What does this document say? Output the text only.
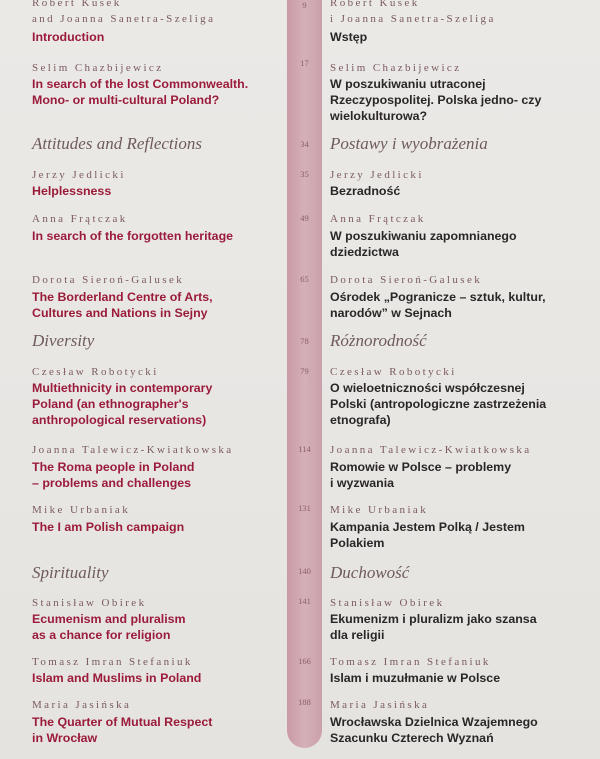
9
17
34
35
49
65
78
79
114
131
140
141
166
188
Robert Kusek
and Joanna Sanetra-Szeliga
Introduction
Selim Chazbijewicz
In search of the lost Commonwealth.
Mono- or multi-cultural Poland?
Attitudes and Reflections
Jerzy Jedlicki
Helplessness
Anna Frątczak
In search of the forgotten heritage
Dorota Sieroń-Galusek
The Borderland Centre of Arts,
Cultures and Nations in Sejny
Diversity
Czesław Robotycki
Multiethnicity in contemporary
Poland (an ethnographer's
anthropological reservations)
Joanna Talewicz-Kwiatkowska
The Roma people in Poland
– problems and challenges
Mike Urbaniak
The I am Polish campaign
Spirituality
Stanisław Obirek
Ecumenism and pluralism
as a chance for religion
Tomasz Imran Stefaniuk
Islam and Muslims in Poland
Maria Jasińska
The Quarter of Mutual Respect
in Wrocław
Robert Kusek
i Joanna Sanetra-Szeliga
Wstęp
Selim Chazbijewicz
W poszukiwaniu utraconej
Rzeczypospolitej. Polska jedno- czy
wielokulturowa?
Postawy i wyobrażenia
Jerzy Jedlicki
Bezradność
Anna Frątczak
W poszukiwaniu zapomnianego
dziedzictwa
Dorota Sieroń-Galusek
Ośrodek „Pogranicze – sztuk, kultur,
narodów” w Sejnach
Różnorodność
Czesław Robotycki
O wieloetniczności współczesnej
Polski (antropologiczne zastrzeżenia
etnografa)
Joanna Talewicz-Kwiatkowska
Romowie w Polsce – problemy
i wyzwania
Mike Urbaniak
Kampania Jestem Polką / Jestem
Polakiem
Duchowość
Stanisław Obirek
Ekumenizm i pluralizm jako szansa
dla religii
Tomasz Imran Stefaniuk
Islam i muzułmanie w Polsce
Maria Jasińska
Wrocławska Dzielnica Wzajemnego
Szacunku Czterech Wyznań
